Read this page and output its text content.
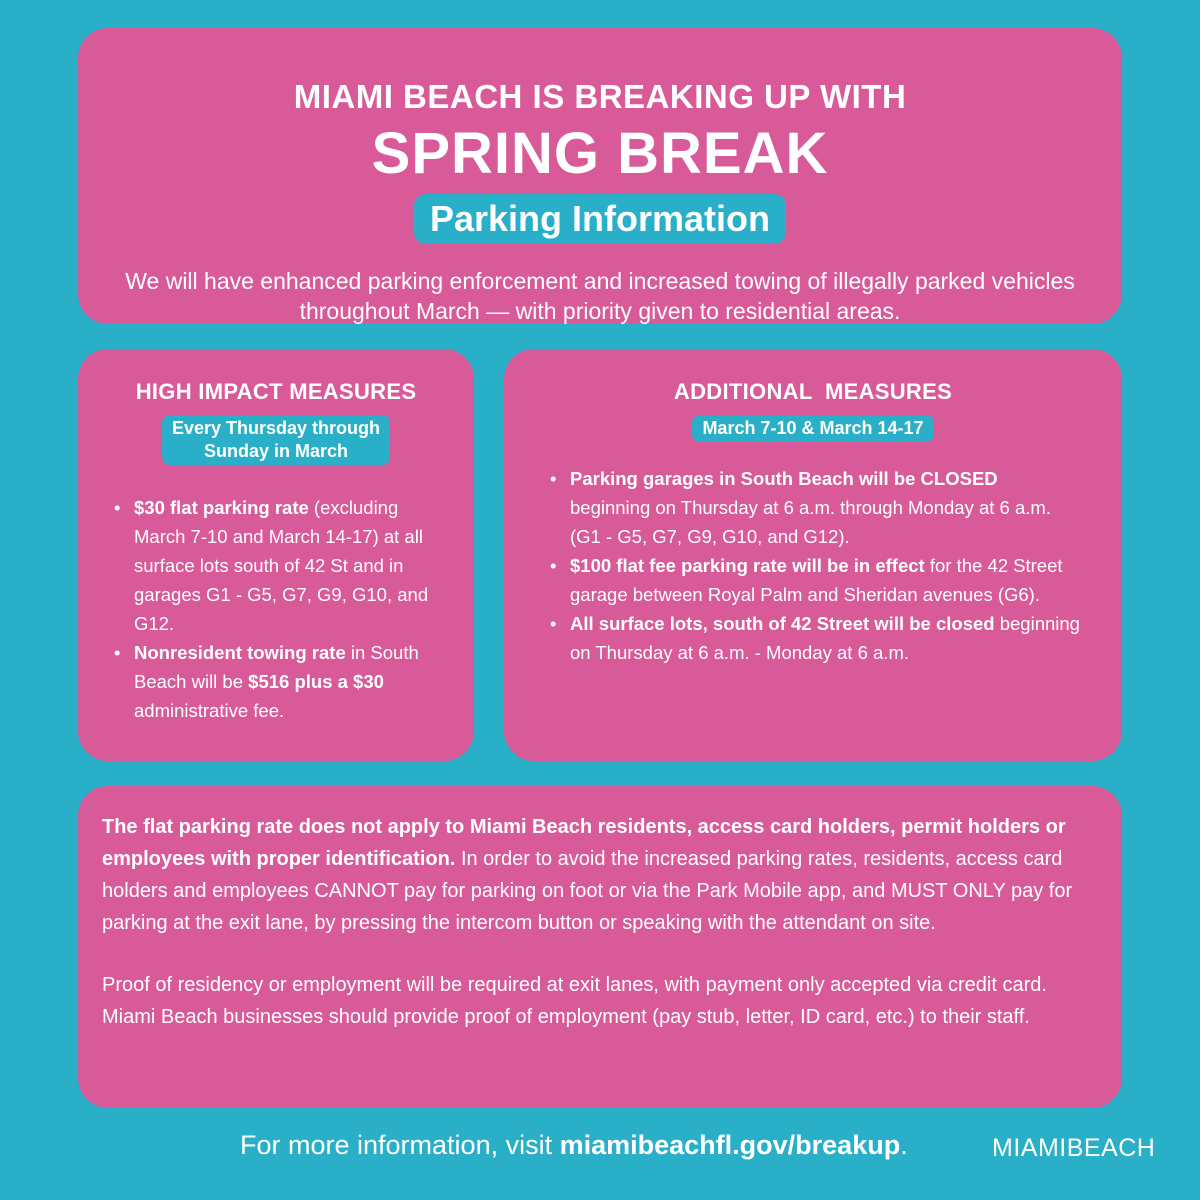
MIAMI BEACH IS BREAKING UP WITH
SPRING BREAK
Parking Information
We will have enhanced parking enforcement and increased towing of illegally parked vehicles throughout March — with priority given to residential areas.
HIGH IMPACT MEASURES
Every Thursday through
Sunday in March
• $30 flat parking rate (excluding March 7-10 and March 14-17) at all surface lots south of 42 St and in garages G1 - G5, G7, G9, G10, and G12.
• Nonresident towing rate in South Beach will be $516 plus a $30 administrative fee.
ADDITIONAL  MEASURES
March 7-10 & March 14-17
• Parking garages in South Beach will be CLOSED beginning on Thursday at 6 a.m. through Monday at 6 a.m. (G1 - G5, G7, G9, G10, and G12).
• $100 flat fee parking rate will be in effect for the 42 Street garage between Royal Palm and Sheridan avenues (G6).
• All surface lots, south of 42 Street will be closed beginning on Thursday at 6 a.m. - Monday at 6 a.m.

The flat parking rate does not apply to Miami Beach residents, access card holders, permit holders or employees with proper identification. In order to avoid the increased parking rates, residents, access card holders and employees CANNOT pay for parking on foot or via the Park Mobile app, and MUST ONLY pay for parking at the exit lane, by pressing the intercom button or speaking with the attendant on site.

Proof of residency or employment will be required at exit lanes, with payment only accepted via credit card. Miami Beach businesses should provide proof of employment (pay stub, letter, ID card, etc.) to their staff.

For more information, visit miamibeachfl.gov/breakup.	MIAMIBEACH
